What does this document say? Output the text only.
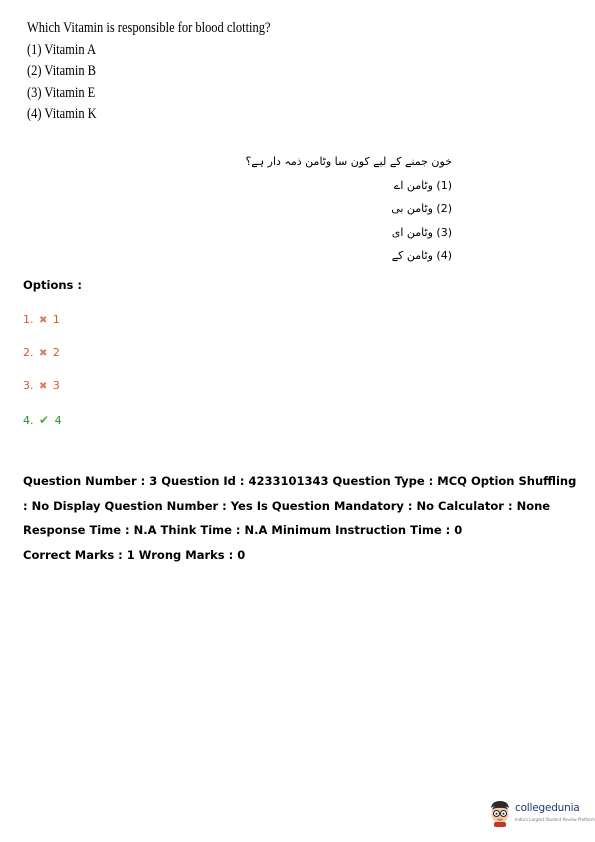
Which Vitamin is responsible for blood clotting?
(1) Vitamin A
(2) Vitamin B
(3) Vitamin E
(4) Vitamin K
خون جمنے کے لیے کون سا وٹامن ذمہ دار ہے؟
(1) وٹامن اے
(2) وٹامن بی
(3) وٹامن ای
(4) وٹامن کے
Options :
1. ✖ 1
2. ✖ 2
3. ✖ 3
4. ✔ 4
Question Number : 3 Question Id : 4233101343 Question Type : MCQ Option Shuffling : No Display Question Number : Yes Is Question Mandatory : No Calculator : None Response Time : N.A Think Time : N.A Minimum Instruction Time : 0
Correct Marks : 1 Wrong Marks : 0
collegedunia
India's Largest Student Review Platform
